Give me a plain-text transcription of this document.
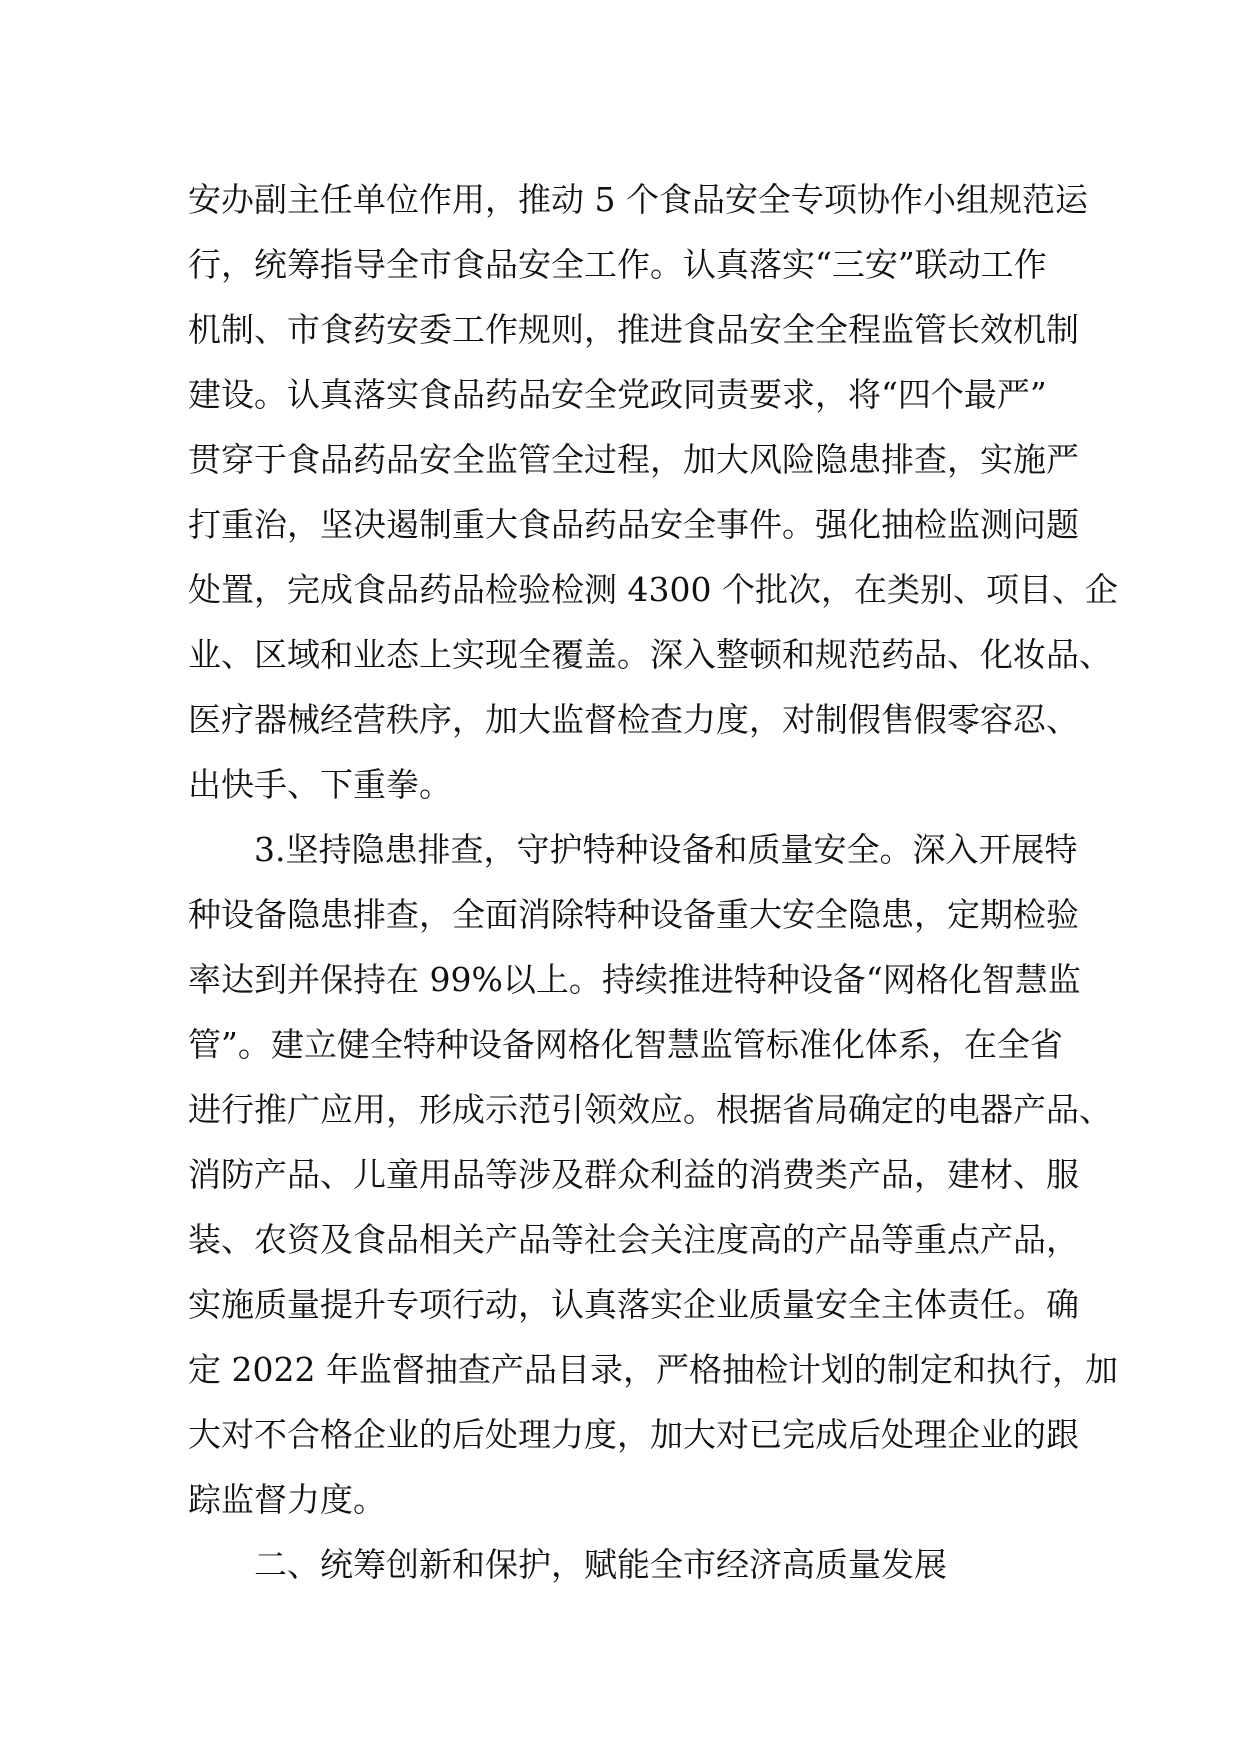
安办副主任单位作用，推动 5 个食品安全专项协作小组规范运
行，统筹指导全市食品安全工作。认真落实“三安”联动工作
机制、市食药安委工作规则，推进食品安全全程监管长效机制
建设。认真落实食品药品安全党政同责要求，将“四个最严”
贯穿于食品药品安全监管全过程，加大风险隐患排查，实施严
打重治，坚决遏制重大食品药品安全事件。强化抽检监测问题
处置，完成食品药品检验检测 4300 个批次，在类别、项目、企
业、区域和业态上实现全覆盖。深入整顿和规范药品、化妆品、
医疗器械经营秩序，加大监督检查力度，对制假售假零容忍、
出快手、下重拳。
3.坚持隐患排查，守护特种设备和质量安全。深入开展特
种设备隐患排查，全面消除特种设备重大安全隐患，定期检验
率达到并保持在 99%以上。持续推进特种设备“网格化智慧监
管”。建立健全特种设备网格化智慧监管标准化体系，在全省
进行推广应用，形成示范引领效应。根据省局确定的电器产品、
消防产品、儿童用品等涉及群众利益的消费类产品，建材、服
装、农资及食品相关产品等社会关注度高的产品等重点产品，
实施质量提升专项行动，认真落实企业质量安全主体责任。确
定 2022 年监督抽查产品目录，严格抽检计划的制定和执行，加
大对不合格企业的后处理力度，加大对已完成后处理企业的跟
踪监督力度。
二、统筹创新和保护，赋能全市经济高质量发展
